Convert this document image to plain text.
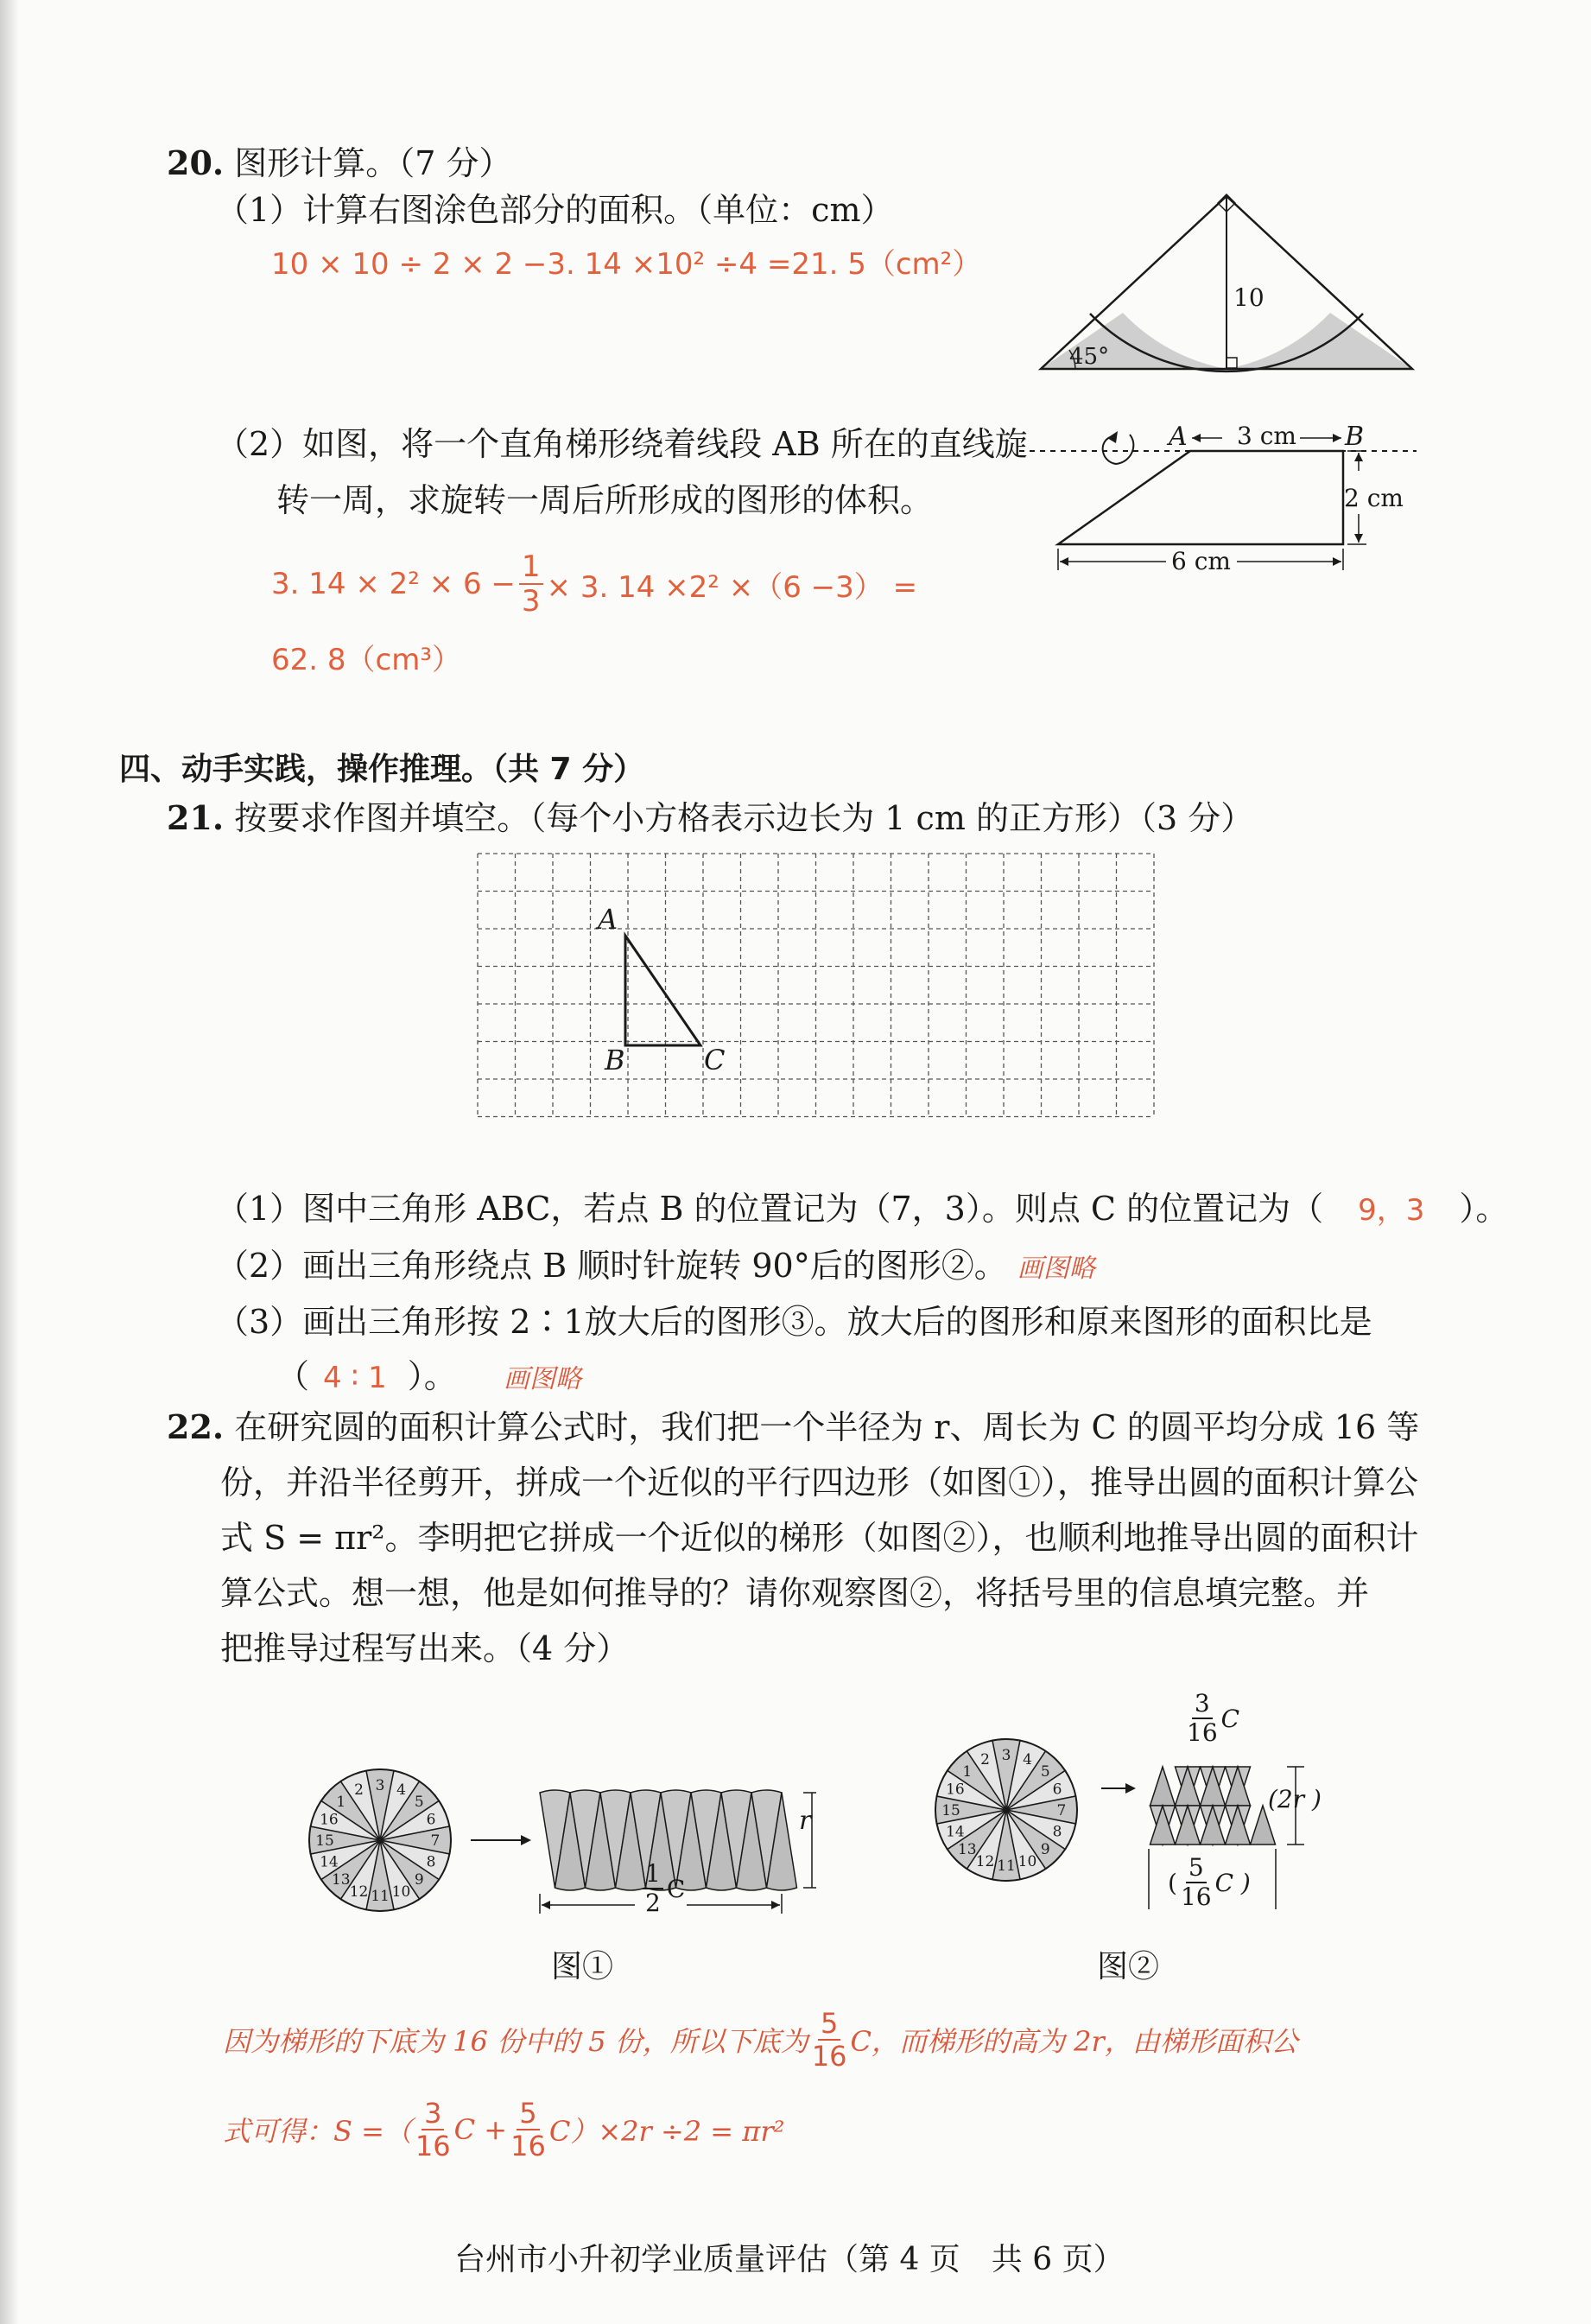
20. 图形计算。（7 分）
（1）计算右图涂色部分的面积。（单位：cm）
10 × 10 ÷ 2 × 2 −3. 14 ×10² ÷4 =21. 5（cm²）
10
45°
（2）如图，将一个直角梯形绕着线段 AB 所在的直线旋
转一周，求旋转一周后所形成的图形的体积。
3. $14 \times 2^2 \times 6 - \frac{1}{3} \times 3$. 14 ×2² ×（6 −3） =
62. 8（cm³）
A 3 cm B
2 cm
6 cm
四、动手实践，操作推理。（共 7 分）
21. 按要求作图并填空。（每个小方格表示边长为 1 cm 的正方形）（3 分）
A
B	C
（1）图中三角形 ABC，若点 B 的位置记为（7，3）。则点 C 的位置记为（ 9，3 ）。
（2）画出三角形绕点 B 顺时针旋转 90°后的图形②。 画图略
（3）画出三角形按 2∶1放大后的图形③。放大后的图形和原来图形的面积比是
（ 4 ∶ 1 ）。 画图略
22. 在研究圆的面积计算公式时，我们把一个半径为 r、周长为 C 的圆平均分成 16 等
份，并沿半径剪开，拼成一个近似的平行四边形（如图①），推导出圆的面积计算公
式 S = πr²。李明把它拼成一个近似的梯形（如图②），也顺利地推导出圆的面积计
算公式。想一想，他是如何推导的？请你观察图②，将括号里的信息填完整。并
把推导过程写出来。（4 分）
1
2 3 4
5
6
7
8
9
10
11
12
13
14
15
16	r
$\frac{1}{2}$ C
图①
1
2 3 4
5
6
7
8
9
10
11
12
13
14
15
16
$\frac{3}{16}$ C
(2r )
( $\frac{5}{16}$ C )
图②
因为梯形的下底为 16 份中的 5 份，所以下底为 $\frac{5}{16}$ C，而梯形的高为 2r，由梯形面积公
式可得：S =（ $\frac{3}{16}$ $C + \frac{5}{16} C)\times 2r \div 2 = \pi r^2$
台州市小升初学业质量评估（第 4 页　共 6 页）
